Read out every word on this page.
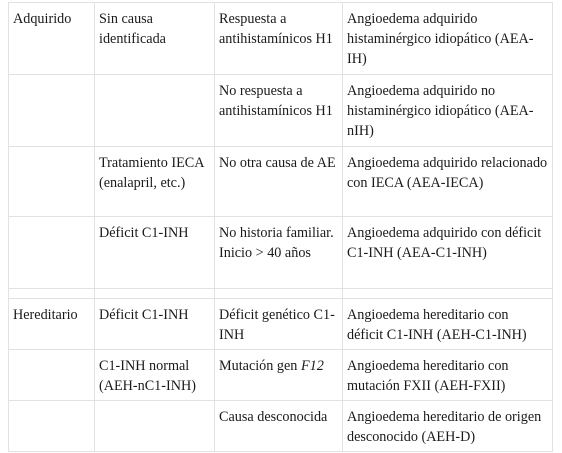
Adquirido	Sin causa identificada	Respuesta a antihistamínicos H1	Angioedema adquirido histaminérgico idiopático (AEA-IH)
		No respuesta a antihistamínicos H1	Angioedema adquirido no histaminérgico idiopático (AEA-nIH)
	Tratamiento IECA (enalapril, etc.)	No otra causa de AE	Angioedema adquirido relacionado con IECA (AEA-IECA)
	Déficit C1-INH	No historia familiar. Inicio > 40 años	Angioedema adquirido con déficit C1-INH (AEA-C1-INH)

Hereditario	Déficit C1-INH	Déficit genético C1-INH	Angioedema hereditario con déficit C1-INH (AEH-C1-INH)
	C1-INH normal (AEH-nC1-INH)	Mutación gen F12	Angioedema hereditario con mutación FXII (AEH-FXII)
		Causa desconocida	Angioedema hereditario de origen desconocido (AEH-D)
